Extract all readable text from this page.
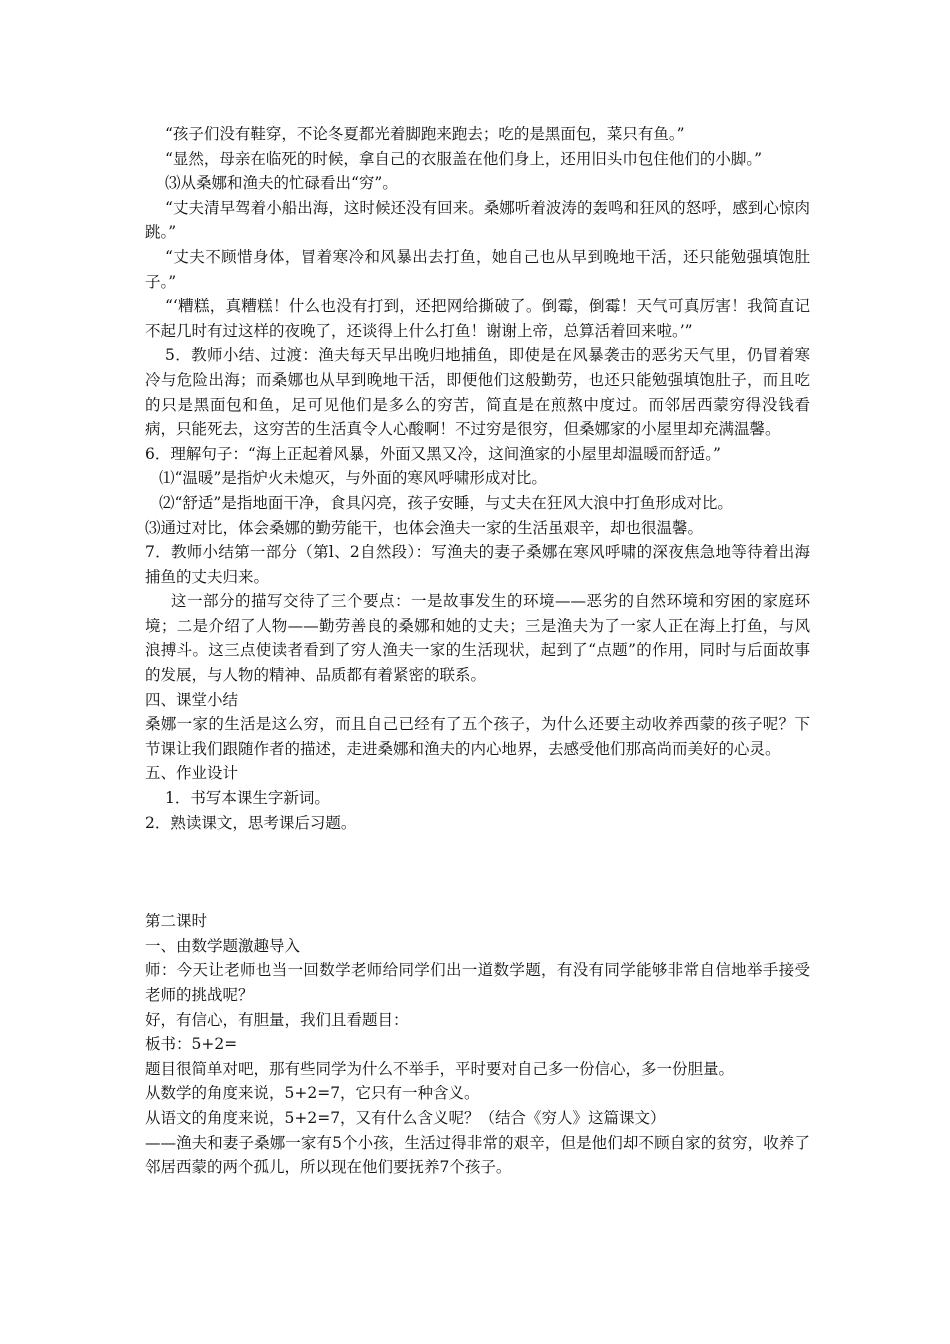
“孩子们没有鞋穿，不论冬夏都光着脚跑来跑去；吃的是黑面包，菜只有鱼。”

“显然，母亲在临死的时候，拿自己的衣服盖在他们身上，还用旧头巾包住他们的小脚。”

⑶从桑娜和渔夫的忙碌看出“穷”。

“丈夫清早驾着小船出海，这时候还没有回来。桑娜听着波涛的轰鸣和狂风的怒呼，感到心惊肉跳。”

“丈夫不顾惜身体，冒着寒冷和风暴出去打鱼，她自己也从早到晚地干活，还只能勉强填饱肚子。”

“‘糟糕，真糟糕！什么也没有打到，还把网给撕破了。倒霉，倒霉！天气可真厉害！我简直记不起几时有过这样的夜晚了，还谈得上什么打鱼！谢谢上帝，总算活着回来啦。’”

5．教师小结、过渡：渔夫每天早出晚归地捕鱼，即使是在风暴袭击的恶劣天气里，仍冒着寒冷与危险出海；而桑娜也从早到晚地干活，即便他们这般勤劳，也还只能勉强填饱肚子，而且吃的只是黑面包和鱼，足可见他们是多么的穷苦，简直是在煎熬中度过。而邻居西蒙穷得没钱看病，只能死去，这穷苦的生活真令人心酸啊！不过穷是很穷，但桑娜家的小屋里却充满温馨。

6．理解句子：“海上正起着风暴，外面又黑又冷，这间渔家的小屋里却温暖而舒适。”

⑴“温暖”是指炉火未熄灭，与外面的寒风呼啸形成对比。

⑵“舒适”是指地面干净，食具闪亮，孩子安睡，与丈夫在狂风大浪中打鱼形成对比。

⑶通过对比，体会桑娜的勤劳能干，也体会渔夫一家的生活虽艰辛，却也很温馨。

7．教师小结第一部分（第l、2自然段）：写渔夫的妻子桑娜在寒风呼啸的深夜焦急地等待着出海捕鱼的丈夫归来。

这一部分的描写交待了三个要点：一是故事发生的环境——恶劣的自然环境和穷困的家庭环境；二是介绍了人物——勤劳善良的桑娜和她的丈夫；三是渔夫为了一家人正在海上打鱼，与风浪搏斗。这三点使读者看到了穷人渔夫一家的生活现状，起到了“点题”的作用，同时与后面故事的发展，与人物的精神、品质都有着紧密的联系。

四、课堂小结

桑娜一家的生活是这么穷，而且自己已经有了五个孩子，为什么还要主动收养西蒙的孩子呢？下节课让我们跟随作者的描述，走进桑娜和渔夫的内心地界，去感受他们那高尚而美好的心灵。

五、作业设计

1．书写本课生字新词。

2．熟读课文，思考课后习题。

第二课时

一、由数学题激趣导入

师：今天让老师也当一回数学老师给同学们出一道数学题，有没有同学能够非常自信地举手接受老师的挑战呢？

好，有信心，有胆量，我们且看题目：

板书：5+2=

题目很简单对吧，那有些同学为什么不举手，平时要对自己多一份信心，多一份胆量。

从数学的角度来说，5+2=7，它只有一种含义。

从语文的角度来说，5+2=7，又有什么含义呢？（结合《穷人》这篇课文）

——渔夫和妻子桑娜一家有5个小孩，生活过得非常的艰辛，但是他们却不顾自家的贫穷，收养了邻居西蒙的两个孤儿，所以现在他们要抚养7个孩子。
